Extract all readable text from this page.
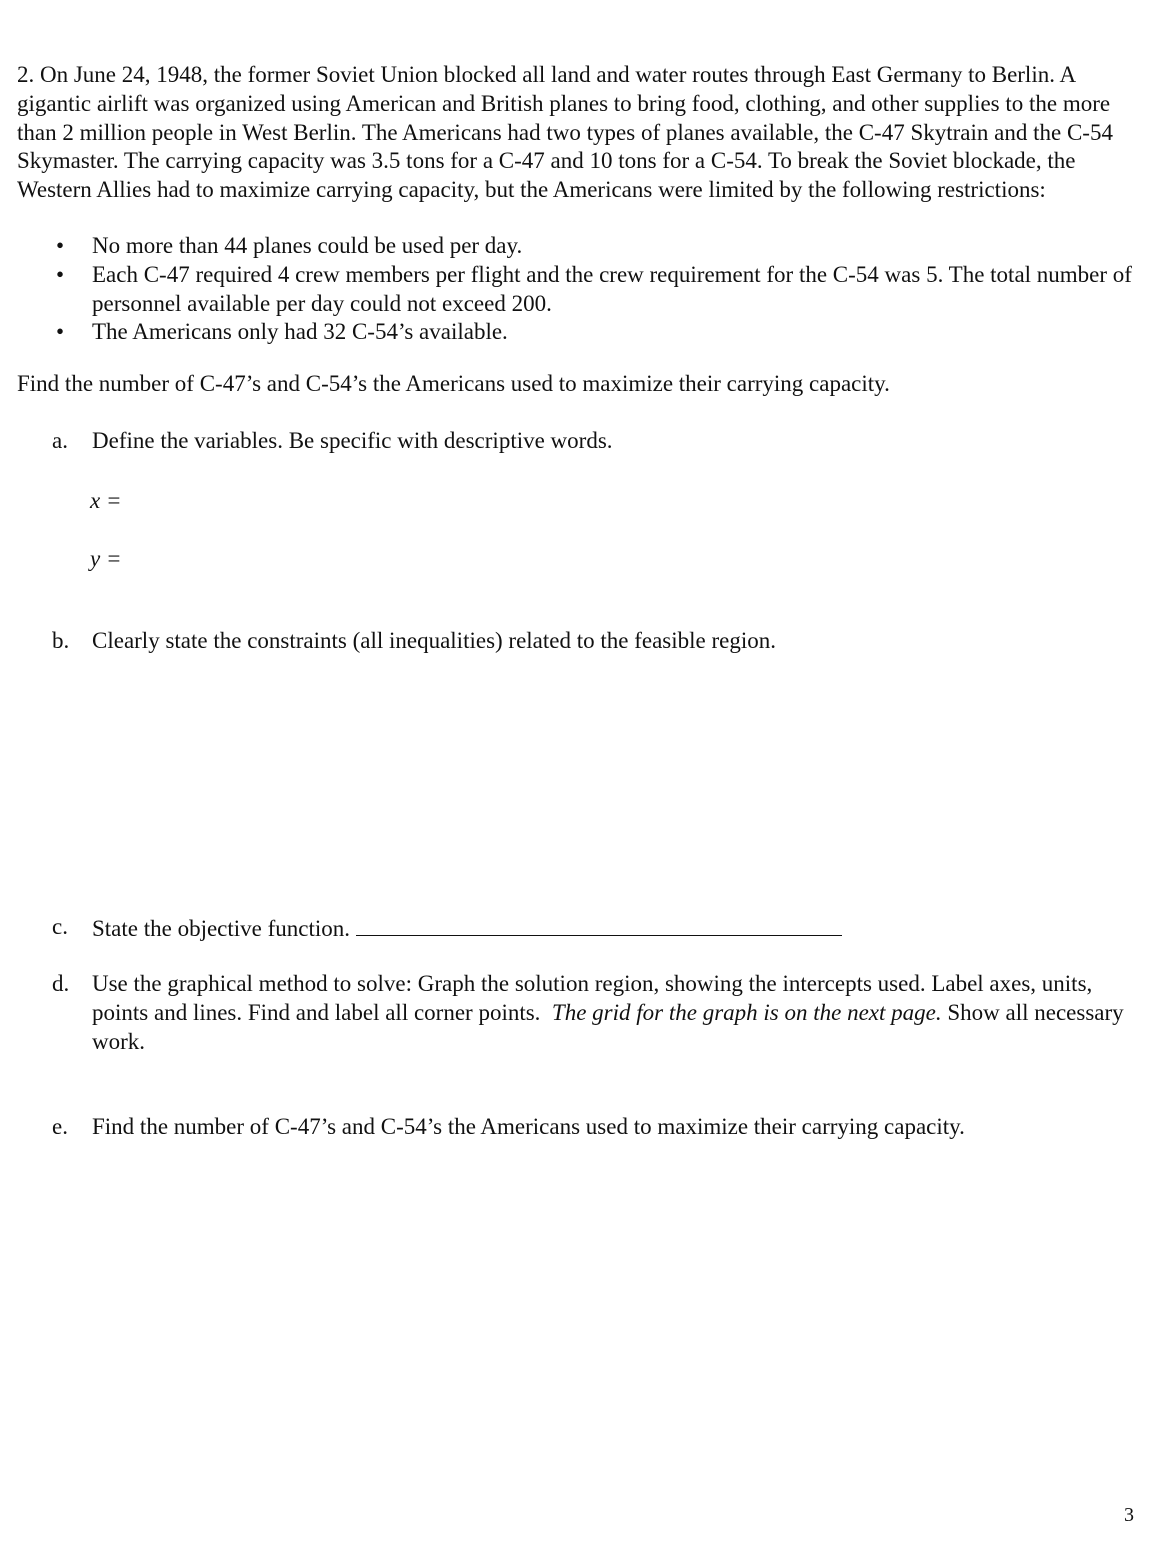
2. On June 24, 1948, the former Soviet Union blocked all land and water routes through East Germany to Berlin. A gigantic airlift was organized using American and British planes to bring food, clothing, and other supplies to the more than 2 million people in West Berlin. The Americans had two types of planes available, the C-47 Skytrain and the C-54 Skymaster. The carrying capacity was 3.5 tons for a C-47 and 10 tons for a C-54. To break the Soviet blockade, the Western Allies had to maximize carrying capacity, but the Americans were limited by the following restrictions:
• No more than 44 planes could be used per day.
• Each C-47 required 4 crew members per flight and the crew requirement for the C-54 was 5. The total number of personnel available per day could not exceed 200.
• The Americans only had 32 C-54’s available.
Find the number of C-47’s and C-54’s the Americans used to maximize their carrying capacity.
a. Define the variables. Be specific with descriptive words.
x =
y =
b. Clearly state the constraints (all inequalities) related to the feasible region.
c. State the objective function.
d. Use the graphical method to solve: Graph the solution region, showing the intercepts used. Label axes, units, points and lines. Find and label all corner points. The grid for the graph is on the next page. Show all necessary work.
e. Find the number of C-47’s and C-54’s the Americans used to maximize their carrying capacity.
3
